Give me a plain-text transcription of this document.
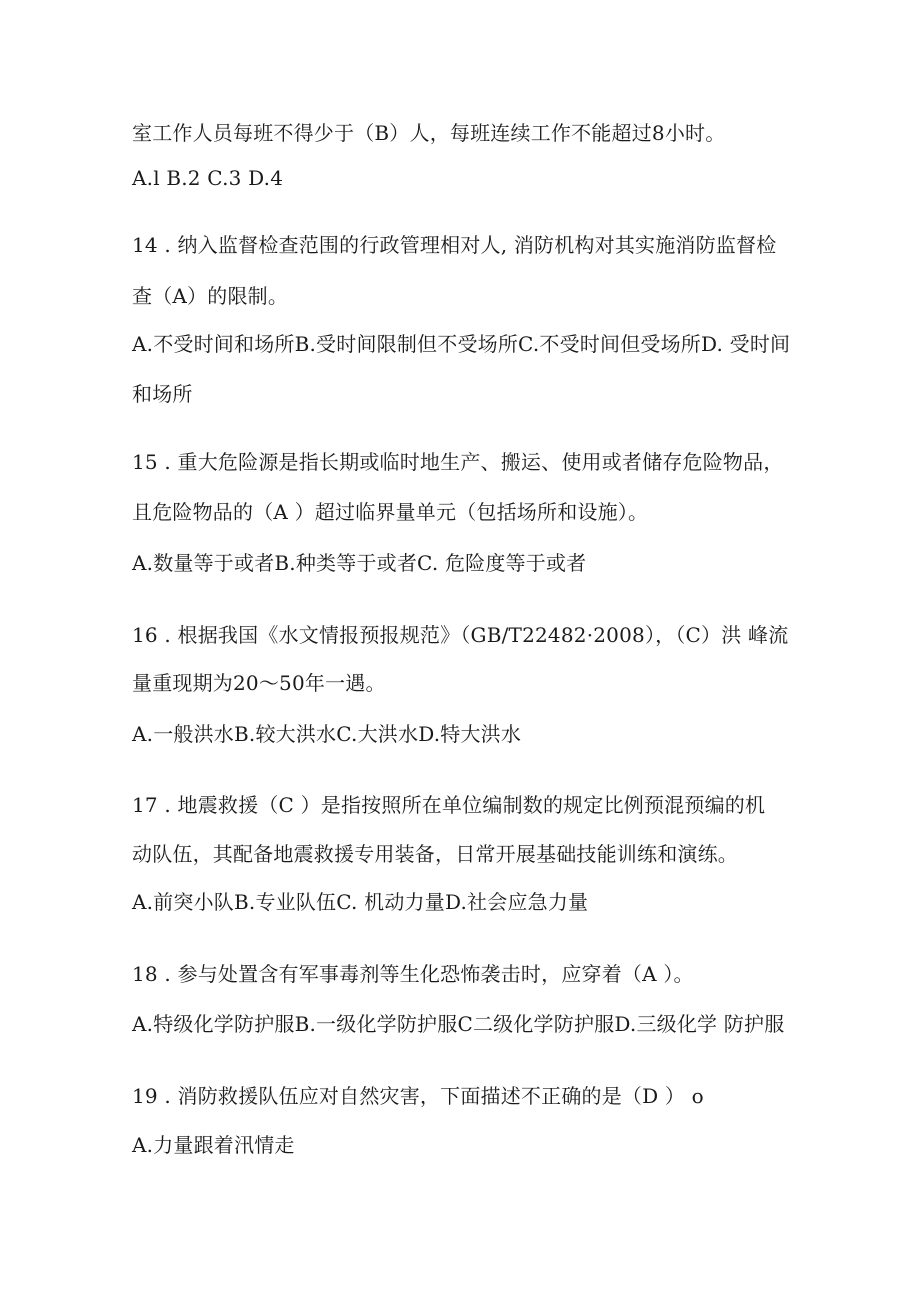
室工作人员每班不得少于（B）人，每班连续工作不能超过8小时。

A.l B.2 C.3 D.4

14 . 纳入监督检查范围的行政管理相对人, 消防机构对其实施消防监督检

查（A）的限制。

A.不受时间和场所B.受时间限制但不受场所C.不受时间但受场所D. 受时间

和场所

15 . 重大危险源是指长期或临时地生产、搬运、使用或者储存危险物品，

且危险物品的（A ）超过临界量单元（包括场所和设施）。

A.数量等于或者B.种类等于或者C. 危险度等于或者

16 . 根据我国《水文情报预报规范》（GB/T22482·2008），（C）洪 峰流

量重现期为20～50年一遇。

A.一般洪水B.较大洪水C.大洪水D.特大洪水

17 . 地震救援（C ）是指按照所在单位编制数的规定比例预混预编的机

动队伍，其配备地震救援专用装备，日常开展基础技能训练和演练。

A.前突小队B.专业队伍C. 机动力量D.社会应急力量

18 . 参与处置含有军事毒剂等生化恐怖袭击时，应穿着（A ）。

A.特级化学防护服B.一级化学防护服C二级化学防护服D.三级化学 防护服

19 . 消防救援队伍应对自然灾害，下面描述不正确的是（D ） o

A.力量跟着汛情走
